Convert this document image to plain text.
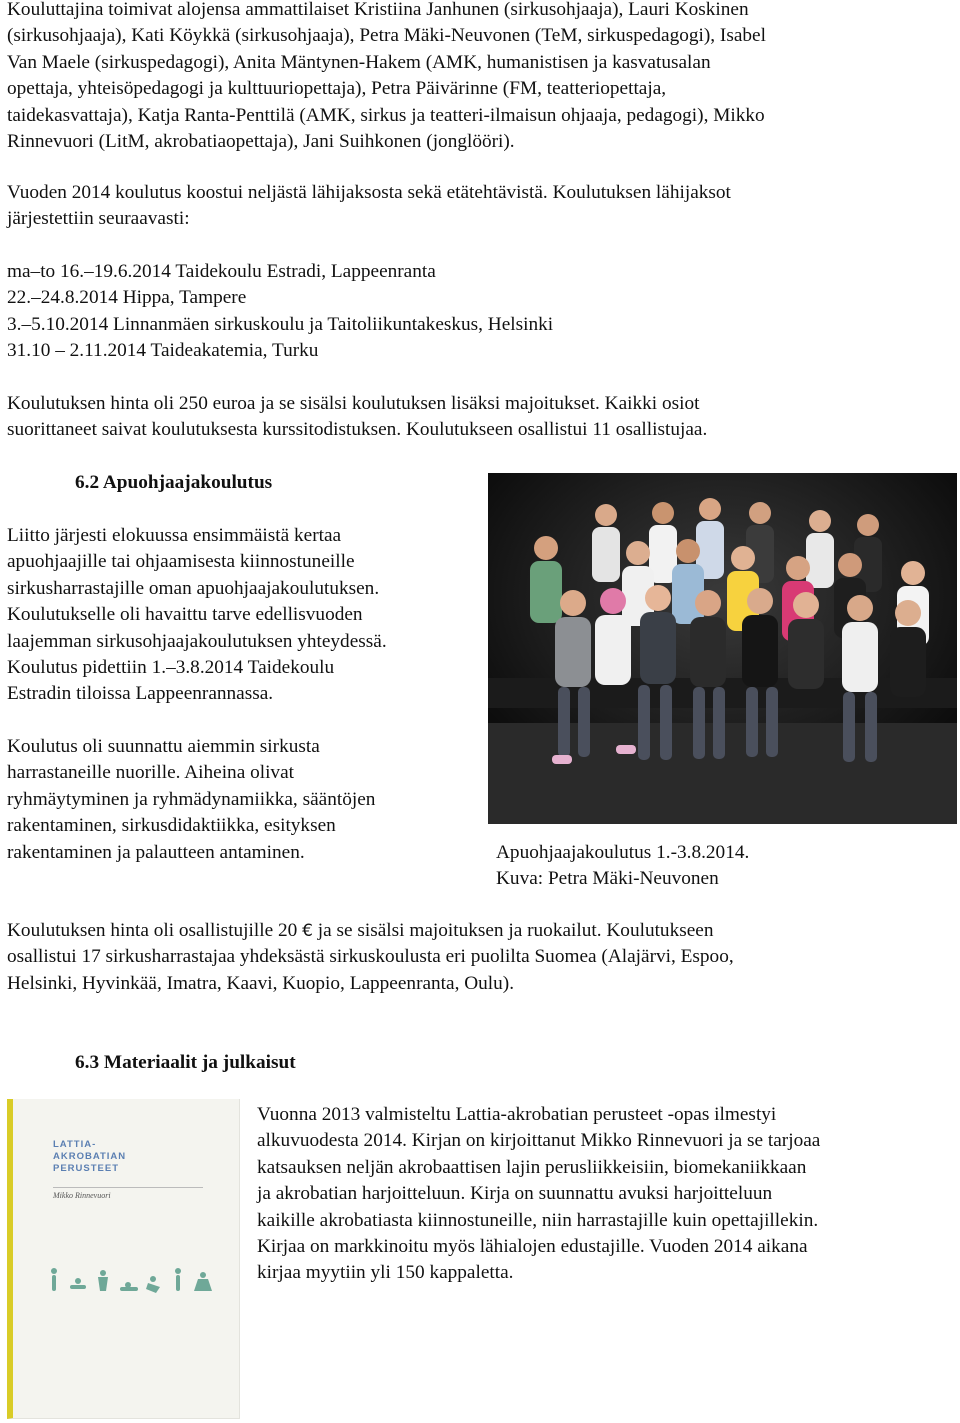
Kouluttajina toimivat alojensa ammattilaiset Kristiina Janhunen (sirkusohjaaja), Lauri Koskinen
(sirkusohjaaja), Kati Köykkä (sirkusohjaaja), Petra Mäki-Neuvonen (TeM, sirkuspedagogi), Isabel
Van Maele (sirkuspedagogi), Anita Mäntynen-Hakem (AMK, humanistisen ja kasvatusalan
opettaja, yhteisöpedagogi ja kulttuuriopettaja), Petra Päivärinne (FM, teatteriopettaja,
taidekasvattaja), Katja Ranta-Penttilä (AMK, sirkus ja teatteri-ilmaisun ohjaaja, pedagogi), Mikko
Rinnevuori (LitM, akrobatiaopettaja), Jani Suihkonen (jonglööri).

Vuoden 2014 koulutus koostui neljästä lähijaksosta sekä etätehtävistä. Koulutuksen lähijaksot
järjestettiin seuraavasti:

ma–to 16.–19.6.2014 Taidekoulu Estradi, Lappeenranta

22.–24.8.2014 Hippa, Tampere

3.–5.10.2014 Linnanmäen sirkuskoulu ja Taitoliikuntakeskus, Helsinki

31.10 – 2.11.2014 Taideakatemia, Turku

Koulutuksen hinta oli 250 euroa ja se sisälsi koulutuksen lisäksi majoitukset. Kaikki osiot
suorittaneet saivat koulutuksesta kurssitodistuksen. Koulutukseen osallistui 11 osallistujaa.

6.2 Apuohjaajakoulutus

Liitto järjesti elokuussa ensimmäistä kertaa
apuohjaajille tai ohjaamisesta kiinnostuneille
sirkusharrastajille oman apuohjaajakoulutuksen.
Koulutukselle oli havaittu tarve edellisvuoden
laajemman sirkusohjaajakoulutuksen yhteydessä.
Koulutus pidettiin 1.–3.8.2014 Taidekoulu
Estradin tiloissa Lappeenrannassa.

Koulutus oli suunnattu aiemmin sirkusta
harrastaneille nuorille. Aiheina olivat
ryhmäytyminen ja ryhmädynamiikka, sääntöjen
rakentaminen, sirkusdidaktiikka, esityksen
rakentaminen ja palautteen antaminen.	Apuohjaajakoulutus 1.-3.8.2014.
Kuva: Petra Mäki-Neuvonen

Koulutuksen hinta oli osallistujille 20 € ja se sisälsi majoituksen ja ruokailut. Koulutukseen
osallistui 17 sirkusharrastajaa yhdeksästä sirkuskoulusta eri puolilta Suomea (Alajärvi, Espoo,
Helsinki, Hyvinkää, Imatra, Kaavi, Kuopio, Lappeenranta, Oulu).

6.3 Materiaalit ja julkaisut
LATTIA-
AKROBATIAN
PERUSTEET
Mikko Rinnevuori

Vuonna 2013 valmisteltu Lattia-akrobatian perusteet -opas ilmestyi
alkuvuodesta 2014. Kirjan on kirjoittanut Mikko Rinnevuori ja se tarjoaa
katsauksen neljän akrobaattisen lajin perusliikkeisiin, biomekaniikkaan
ja akrobatian harjoitteluun. Kirja on suunnattu avuksi harjoitteluun
kaikille akrobatiasta kiinnostuneille, niin harrastajille kuin opettajillekin.
Kirjaa on markkinoitu myös lähialojen edustajille. Vuoden 2014 aikana
kirjaa myytiin yli 150 kappaletta.
